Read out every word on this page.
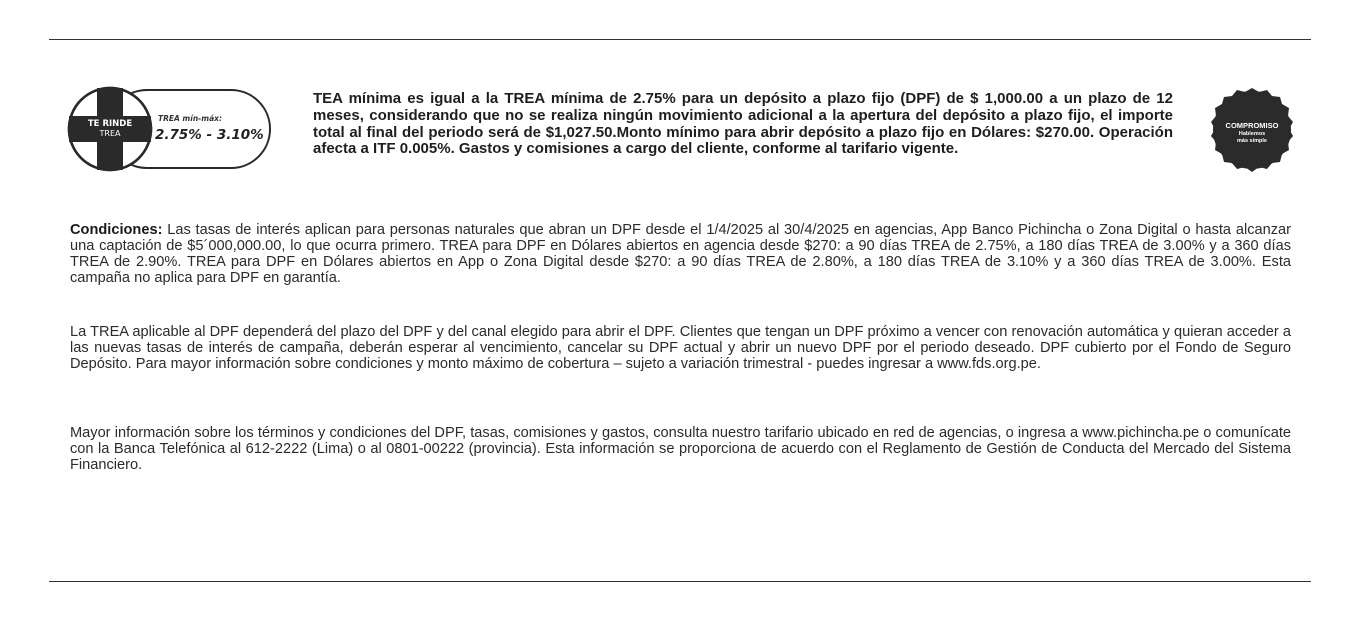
TE RINDE
TREA
TREA mín-máx:
2.75% - 3.10%
TEA mínima es igual a la TREA mínima de 2.75% para un depósito a plazo fijo (DPF) de $ 1,000.00 a un plazo de 12 meses, considerando que no se realiza ningún movimiento adicional a la apertura del depósito a plazo fijo, el importe total al final del periodo será de $1,027.50.Monto mínimo para abrir depósito a plazo fijo en Dólares: $270.00. Operación afecta a ITF 0.005%. Gastos y comisiones a cargo del cliente, conforme al tarifario vigente.
COMPROMISO
Hablemos
más simple
Condiciones: Las tasas de interés aplican para personas naturales que abran un DPF desde el 1/4/2025 al 30/4/2025 en agencias, App Banco Pichincha o Zona Digital o hasta alcanzar una captación de $5´000,000.00, lo que ocurra primero. TREA para DPF en Dólares abiertos en agencia desde $270: a 90 días TREA de 2.75%, a 180 días TREA de 3.00% y a 360 días TREA de 2.90%. TREA para DPF en Dólares abiertos en App o Zona Digital desde $270: a 90 días TREA de 2.80%, a 180 días TREA de 3.10% y a 360 días TREA de 3.00%. Esta campaña no aplica para DPF en garantía.
La TREA aplicable al DPF dependerá del plazo del DPF y del canal elegido para abrir el DPF. Clientes que tengan un DPF próximo a vencer con renovación automática y quieran acceder a las nuevas tasas de interés de campaña, deberán esperar al vencimiento, cancelar su DPF actual y abrir un nuevo DPF por el periodo deseado. DPF cubierto por el Fondo de Seguro Depósito. Para mayor información sobre condiciones y monto máximo de cobertura – sujeto a variación trimestral - puedes ingresar a www.fds.org.pe.
Mayor información sobre los términos y condiciones del DPF, tasas, comisiones y gastos, consulta nuestro tarifario ubicado en red de agencias, o ingresa a www.pichincha.pe o comunícate con la Banca Telefónica al 612-2222 (Lima) o al 0801-00222 (provincia). Esta información se proporciona de acuerdo con el Reglamento de Gestión de Conducta del Mercado del Sistema Financiero.
